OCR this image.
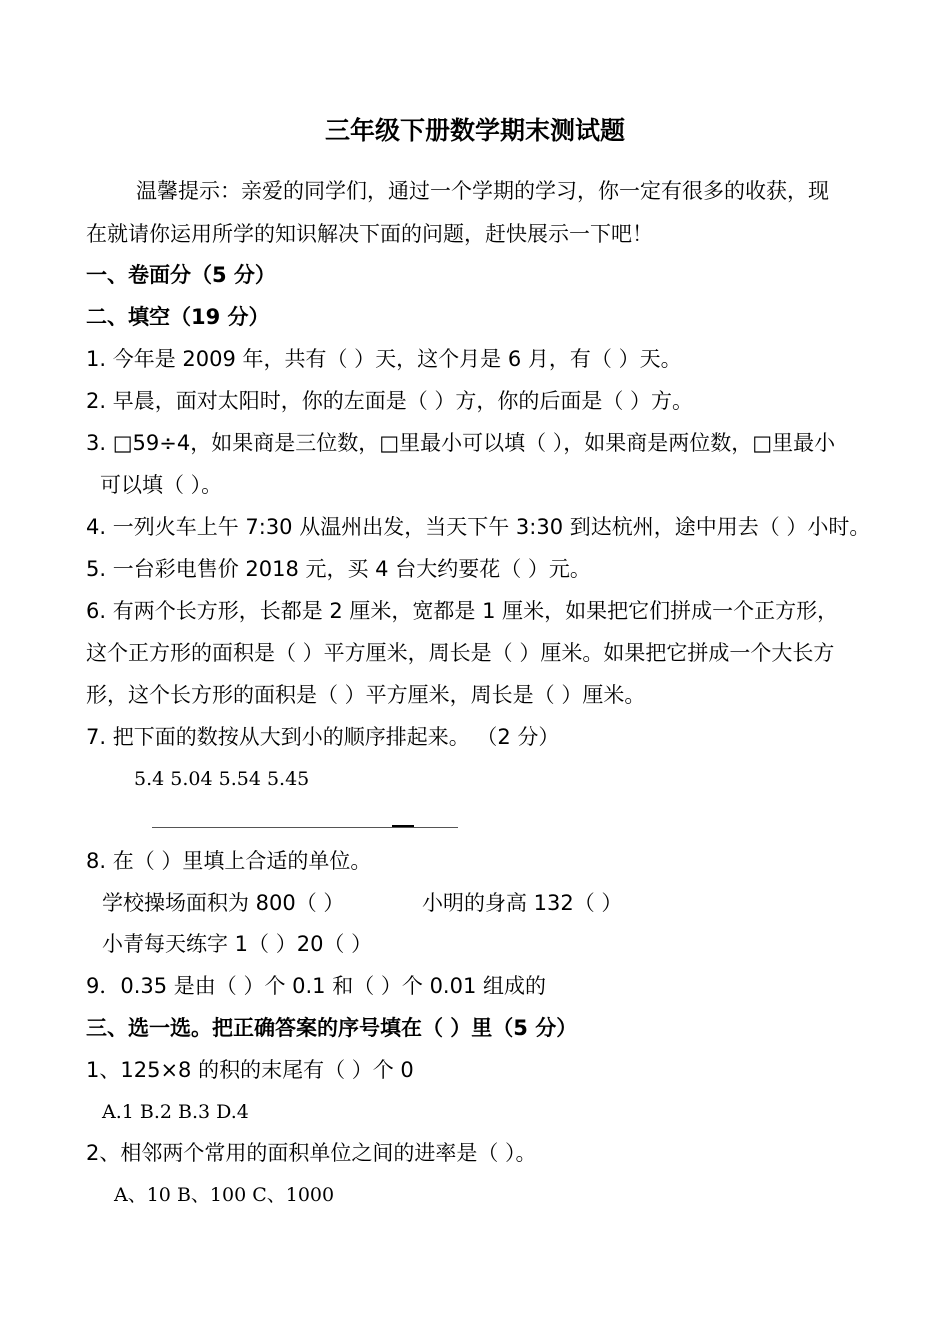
三年级下册数学期末测试题
温馨提示：亲爱的同学们，通过一个学期的学习，你一定有很多的收获，现
在就请你运用所学的知识解决下面的问题，赶快展示一下吧！
一、卷面分（5 分）
二、填空（19 分）
1. 今年是 2009 年，共有（ ）天，这个月是 6 月，有（ ）天。
2. 早晨，面对太阳时，你的左面是（ ）方，你的后面是（ ）方。
3. □59÷4，如果商是三位数，□里最小可以填（ ），如果商是两位数，□里最小
可以填（ ）。
4. 一列火车上午 7:30 从温州出发，当天下午 3:30 到达杭州，途中用去（ ）小时。
5. 一台彩电售价 2018 元，买 4 台大约要花（ ）元。
6. 有两个长方形，长都是 2 厘米，宽都是 1 厘米，如果把它们拼成一个正方形，
这个正方形的面积是（ ）平方厘米，周长是（ ）厘米。如果把它拼成一个大长方
形，这个长方形的面积是（ ）平方厘米，周长是（ ）厘米。
7. 把下面的数按从大到小的顺序排起来。 （2 分）
5.4 5.04 5.54 5.45
8. 在（ ）里填上合适的单位。
学校操场面积为 800（ ）	小明的身高 132（ ）
小青每天练字 1（ ）20（ ）
9．0.35 是由（ ）个 0.1 和（ ）个 0.01 组成的
三、选一选。把正确答案的序号填在（ ）里（5 分）
1、125×8 的积的末尾有（ ）个 0
A.1 B.2 B.3 D.4
2、相邻两个常用的面积单位之间的进率是（ ）。
A、10 B、100 C、1000
